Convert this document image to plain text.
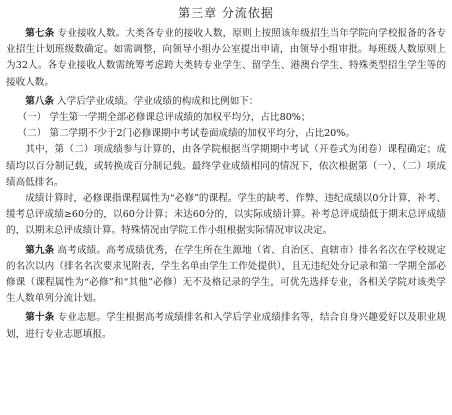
第三章 分流依据

第七条 专业接收人数。大类各专业的接收人数，原则上按照该年级招生当年学院向学校报备的各专业招生计划班级数确定。如需调整，向领导小组办公室提出申请，由领导小组审批。每班级人数原则上为32人。各专业接收人数需统筹考虑跨大类转专业学生、留学生、港澳台学生、特殊类型招生学生等的接收人数。

第八条 入学后学业成绩。学业成绩的构成和比例如下：

（一） 学生第一学期全部必修课总评成绩的加权平均分，占比80%；

（二） 第二学期不少于2门必修课期中考试卷面成绩的加权平均分，占比20%。

其中，第（二）项成绩参与计算的，由各学院根据当学期期中考试（开卷式为闭卷）课程确定；成绩均以百分制记载，或转换成百分制记载。最终学业成绩相同的情况下，依次根据第（一）、（二）项成绩高低排名。

成绩计算时，必修课指课程属性为“必修”的课程。学生的缺考、作弊、违纪成绩以0分计算，补考、缓考总评成绩≥60分的，以60分计算；未达60分的，以实际成绩计算。补考总评成绩低于期末总评成绩的，以期末总评成绩计算。特殊情况由学院工作小组根据实际情况审议决定。

第九条 高考成绩。高考成绩优秀，在学生所在生源地（省、自治区、直辖市）排名名次在学校规定的名次以内（排名名次要求见附表，学生名单由学生工作处提供），且无违纪处分记录和第一学期全部必修课（课程属性为“必修”和“其他”必修）无不及格记录的学生，可优先选择专业，各相关学院对该类学生人数单列分流计划。

第十条 专业志愿。学生根据高考成绩排名和入学后学业成绩排名等，结合自身兴趣爱好以及职业规划，进行专业志愿填报。
